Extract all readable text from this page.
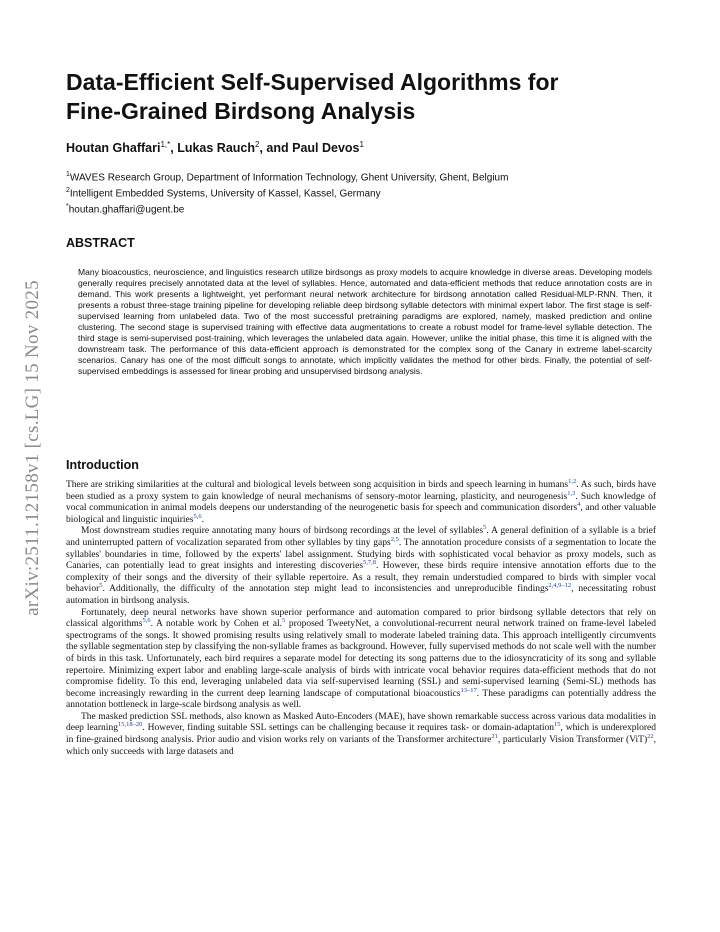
arXiv:2511.12158v1 [cs.LG] 15 Nov 2025
Data-Efficient Self-Supervised Algorithms for
Fine-Grained Birdsong Analysis
Houtan Ghaffari$^{1,*}$, Lukas Rauch$^2$, and Paul Devos$^1$
$^1$WAVES Research Group, Department of Information Technology, Ghent University, Ghent, Belgium
$^2$Intelligent Embedded Systems, University of Kassel, Kassel, Germany
*houtan.ghaffari@ugent.be
ABSTRACT

Many bioacoustics, neuroscience, and linguistics research utilize birdsongs as proxy models to acquire knowledge in diverse areas. Developing models generally requires precisely annotated data at the level of syllables. Hence, automated and data-efficient methods that reduce annotation costs are in demand. This work presents a lightweight, yet performant neural network architecture for birdsong annotation called Residual-MLP-RNN. Then, it presents a robust three-stage training pipeline for developing reliable deep birdsong syllable detectors with minimal expert labor. The first stage is self-supervised learning from unlabeled data. Two of the most successful pretraining paradigms are explored, namely, masked prediction and online clustering. The second stage is supervised training with effective data augmentations to create a robust model for frame-level syllable detection. The third stage is semi-supervised post-training, which leverages the unlabeled data again. However, unlike the initial phase, this time it is aligned with the downstream task. The performance of this data-efficient approach is demonstrated for the complex song of the Canary in extreme label-scarcity scenarios. Canary has one of the most difficult songs to annotate, which implicitly validates the method for other birds. Finally, the potential of self-supervised embeddings is assessed for linear probing and unsupervised birdsong analysis.

Introduction

There are striking similarities at the cultural and biological levels between song acquisition in birds and speech learning in humans$^{1,2}$. As such, birds have been studied as a proxy system to gain knowledge of neural mechanisms of sensory-motor learning, plasticity, and neurogenesis$^{1,3}$. Such knowledge of vocal communication in animal models deepens our understanding of the neurogenetic basis for speech and communication disorders$^4$, and other valuable biological and linguistic inquiries$^{5,6}$.

Most downstream studies require annotating many hours of birdsong recordings at the level of syllables$^5$. A general definition of a syllable is a brief and uninterrupted pattern of vocalization separated from other syllables by tiny gaps$^{2,5}$. The annotation procedure consists of a segmentation to locate the syllables' boundaries in time, followed by the experts' label assignment. Studying birds with sophisticated vocal behavior as proxy models, such as Canaries, can potentially lead to great insights and interesting discoveries$^{5,7,8}$. However, these birds require intensive annotation efforts due to the complexity of their songs and the diversity of their syllable repertoire. As a result, they remain understudied compared to birds with simpler vocal behavior$^5$. Additionally, the difficulty of the annotation step might lead to inconsistencies and unreproducible findings$^{2,4,9-12}$, necessitating robust automation in birdsong analysis.

Fortunately, deep neural networks have shown superior performance and automation compared to prior birdsong syllable detectors that rely on classical algorithms$^{5,6}$. A notable work by Cohen et al.$^5$ proposed TweetyNet, a convolutional-recurrent neural network trained on frame-level labeled spectrograms of the songs. It showed promising results using relatively small to moderate labeled training data. This approach intelligently circumvents the syllable segmentation step by classifying the non-syllable frames as background. However, fully supervised methods do not scale well with the number of birds in this task. Unfortunately, each bird requires a separate model for detecting its song patterns due to the idiosyncraticity of its song and syllable repertoire. Minimizing expert labor and enabling large-scale analysis of birds with intricate vocal behavior requires data-efficient methods that do not compromise fidelity. To this end, leveraging unlabeled data via self-supervised learning (SSL) and semi-supervised learning (Semi-SL) methods has become increasingly rewarding in the current deep learning landscape of computational bioacoustics$^{13-17}$. These paradigms can potentially address the annotation bottleneck in large-scale birdsong analysis as well.

The masked prediction SSL methods, also known as Masked Auto-Encoders (MAE), have shown remarkable success across various data modalities in deep learning$^{15,18-20}$. However, finding suitable SSL settings can be challenging because it requires task- or domain-adaptation$^{15}$, which is underexplored in fine-grained birdsong analysis. Prior audio and vision works rely on variants of the Transformer architecture$^{21}$, particularly Vision Transformer (ViT)$^{22}$, which only succeeds with large datasets and
